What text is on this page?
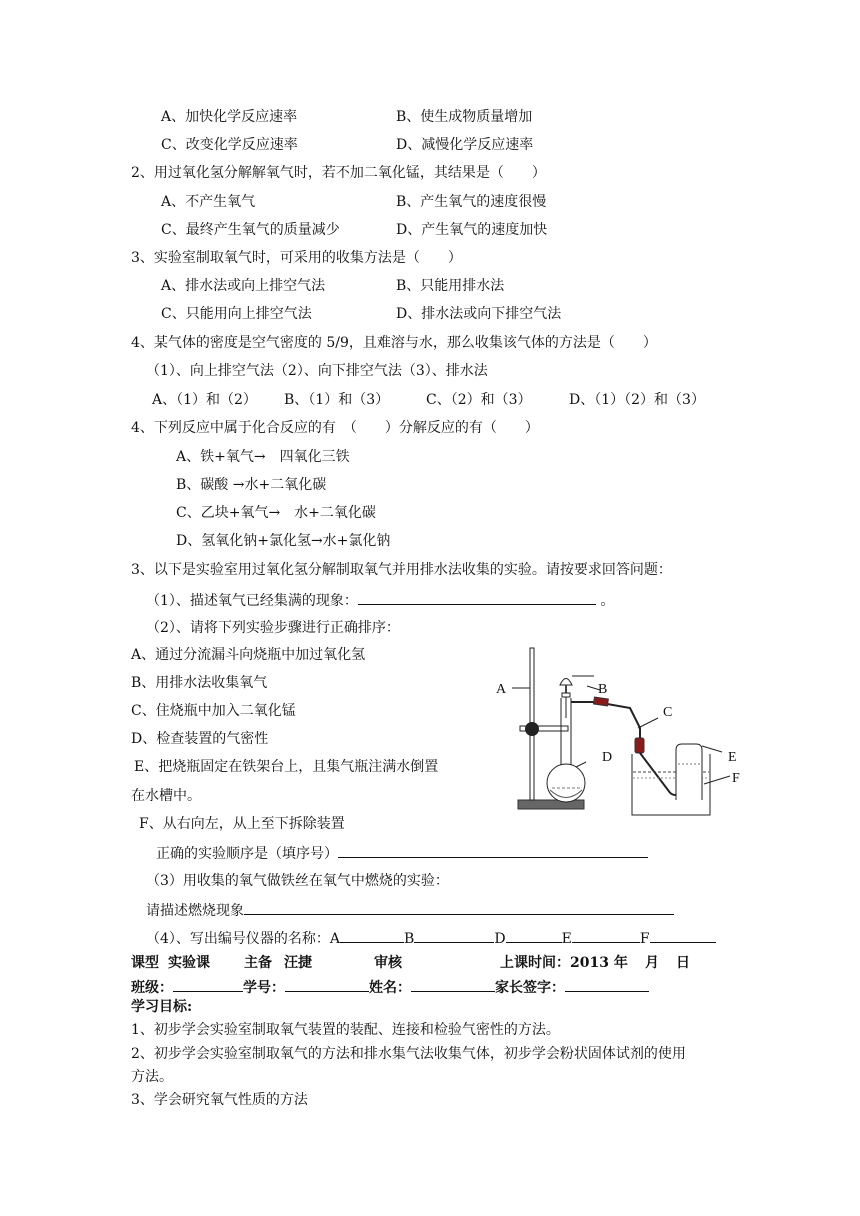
A、加快化学反应速率	B、使生成物质量增加
C、改变化学反应速率	D、减慢化学反应速率
2、用过氧化氢分解解氧气时，若不加二氧化锰，其结果是（　　）
A、不产生氧气	B、产生氧气的速度很慢
C、最终产生氧气的质量减少	D、产生氧气的速度加快
3、实验室制取氧气时，可采用的收集方法是（　　）
A、排水法或向上排空气法	B、只能用排水法
C、只能用向上排空气法	D、排水法或向下排空气法
4、某气体的密度是空气密度的 5/9，且难溶与水，那么收集该气体的方法是（　　）
（1）、向上排空气法（2）、向下排空气法（3）、排水法
A、（1）和（2） B、（1）和（3）	C、（2）和（3）	D、（1）（2）和（3）
4、下列反应中属于化合反应的有　（　　）分解反应的有（　　）
A、铁+氧气→　四氧化三铁
B、碳酸 →水+二氧化碳
C、乙块+氧气→　水+二氧化碳
D、氢氧化钠+氯化氢→水+氯化钠
3、以下是实验室用过氧化氢分解制取氧气并用排水法收集的实验。请按要求回答问题：
（1）、描述氧气已经集满的现象：	。
（2）、请将下列实验步骤进行正确排序：
A、通过分流漏斗向烧瓶中加过氧化氢
B、用排水法收集氧气
C、住烧瓶中加入二氧化锰
D、检查装置的气密性
E、把烧瓶固定在铁架台上，且集气瓶注满水倒置
在水槽中。
F、从右向左，从上至下拆除装置
正确的实验顺序是（填序号）
（3）用收集的氧气做铁丝在氧气中燃烧的实验：
请描述燃烧现象
（4）、写出编号仪器的名称：A	B	D	E	F
A	B
C
D	E
F
课型 实验课 主备 汪捷	审核	上课时间：2013 年 月 日
班级：	学号：	姓名：	家长签字：
学习目标:
1、初步学会实验室制取氧气装置的装配、连接和检验气密性的方法。
2、初步学会实验室制取氧气的方法和排水集气法收集气体，初步学会粉状固体试剂的使用
方法。
3、学会研究氧气性质的方法
